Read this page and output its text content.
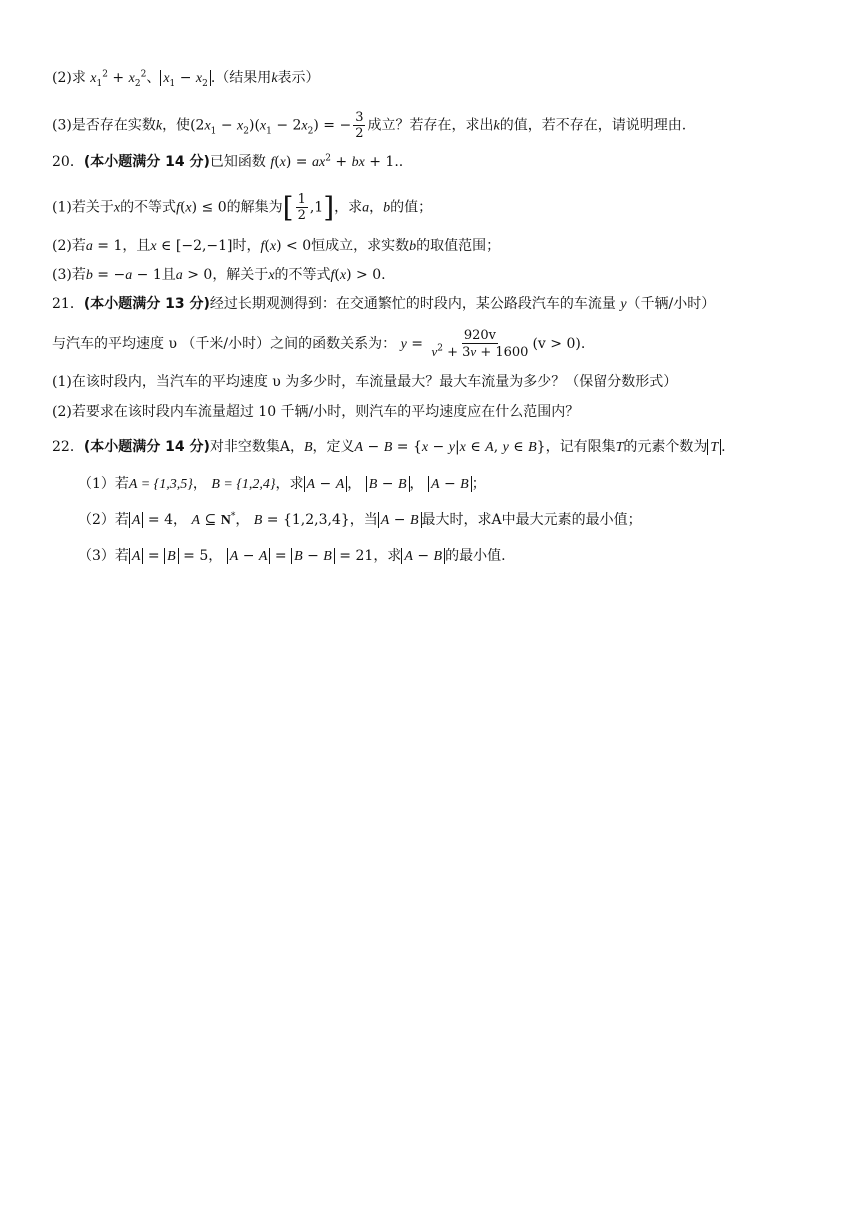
(2)求 $x_1^2 + x_2^2$、 $x_1 - x_2$ .（结果用k表示）
(3)是否存在实数k，使$(2x_1 - x_2)(x_1 - 2x_2)$ = − $\frac{3}{2}$ 成立？若存在，求出k的值，若不存在，请说明理由.
20．(本小题满分 14 分)已知函数 $f(x) = ax^2$ + bx + 1..
(1)若关于x的不等式f(x) ≤ 0的解集为[ $\frac{1}{2} ,1$]，求a，b的值；
(2)若a = 1，且x ∈ [−2,−1]时，f(x) < 0恒成立，求实数b的取值范围；
(3)若b = −a − 1且a > 0，解关于x的不等式f(x) > 0.
21．(本小题满分 13 分)经过长期观测得到：在交通繁忙的时段内，某公路段汽车的车流量 y（千辆/小时）
与汽车的平均速度 υ （千米/小时）之间的函数关系为： $y = \frac{920v}{v^2 + 3v + 1600} (v > 0)$.
(1)在该时段内，当汽车的平均速度 υ 为多少时，车流量最大？最大车流量为多少？（保留分数形式）
(2)若要求在该时段内车流量超过 10 千辆/小时，则汽车的平均速度应在什么范围内？
22．(本小题满分 14 分)对非空数集A，B，定义A − B = {x − y|x ∈ A, y ∈ B}，记有限集T的元素个数为 T .
（1）若A = {1,3,5}， B = {1,2,4}，求 A − A ， B − B ， A − B ；
（2）若 A = 4， A ⊆ N*， B = {1,2,3,4}，当 A − B 最大时，求A中最大元素的最小值；
（3）若 A = B = 5， A − A = B − B = 21，求 A − B 的最小值.
